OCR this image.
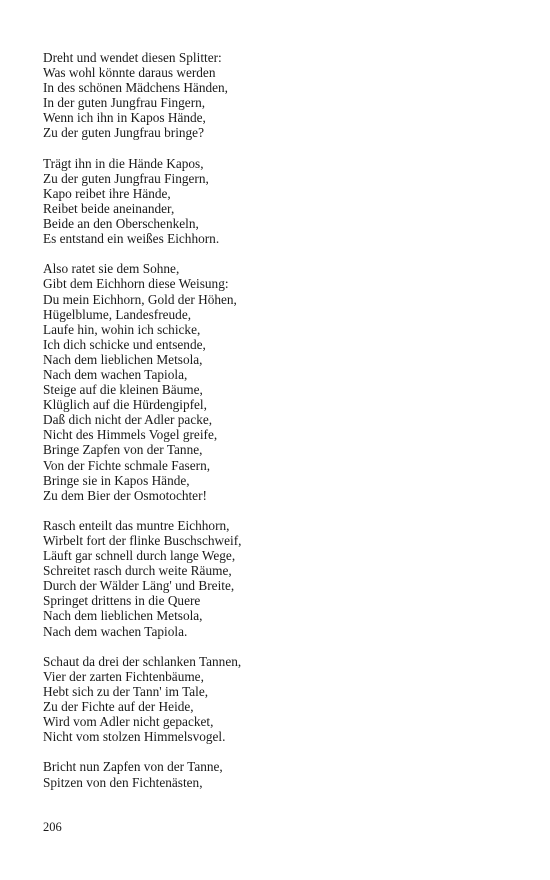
Dreht und wendet diesen Splitter:
Was wohl könnte daraus werden
In des schönen Mädchens Händen,
In der guten Jungfrau Fingern,
Wenn ich ihn in Kapos Hände,
Zu der guten Jungfrau bringe?
Trägt ihn in die Hände Kapos,
Zu der guten Jungfrau Fingern,
Kapo reibet ihre Hände,
Reibet beide aneinander,
Beide an den Oberschenkeln,
Es entstand ein weißes Eichhorn.
Also ratet sie dem Sohne,
Gibt dem Eichhorn diese Weisung:
Du mein Eichhorn, Gold der Höhen,
Hügelblume, Landesfreude,
Laufe hin, wohin ich schicke,
Ich dich schicke und entsende,
Nach dem lieblichen Metsola,
Nach dem wachen Tapiola,
Steige auf die kleinen Bäume,
Klüglich auf die Hürdengipfel,
Daß dich nicht der Adler packe,
Nicht des Himmels Vogel greife,
Bringe Zapfen von der Tanne,
Von der Fichte schmale Fasern,
Bringe sie in Kapos Hände,
Zu dem Bier der Osmotochter!
Rasch enteilt das muntre Eichhorn,
Wirbelt fort der flinke Buschschweif,
Läuft gar schnell durch lange Wege,
Schreitet rasch durch weite Räume,
Durch der Wälder Läng' und Breite,
Springet drittens in die Quere
Nach dem lieblichen Metsola,
Nach dem wachen Tapiola.
Schaut da drei der schlanken Tannen,
Vier der zarten Fichtenbäume,
Hebt sich zu der Tann' im Tale,
Zu der Fichte auf der Heide,
Wird vom Adler nicht gepacket,
Nicht vom stolzen Himmelsvogel.
Bricht nun Zapfen von der Tanne,
Spitzen von den Fichtenästen,
206
